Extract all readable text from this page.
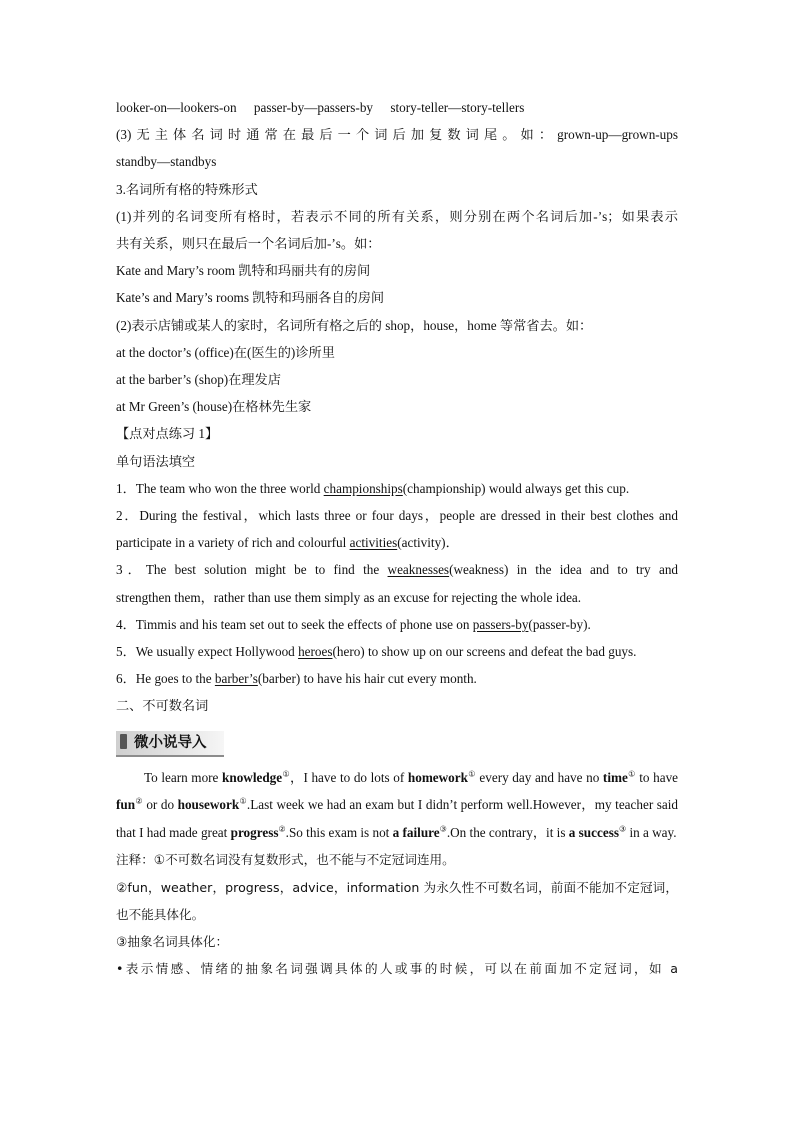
looker-on—lookers-on passer-by—passers-by story-teller—story-tellers
(3)无主体名词时通常在最后一个词后加复数词尾。如：grown-up—grown-ups
standby—standbys
3.名词所有格的特殊形式
(1)并列的名词变所有格时，若表示不同的所有关系，则分别在两个名词后加-’s；如果表示
共有关系，则只在最后一个名词后加-’s。如：
Kate and Mary’s room 凯特和玛丽共有的房间
Kate’s and Mary’s rooms 凯特和玛丽各自的房间
(2)表示店铺或某人的家时，名词所有格之后的 shop，house，home 等常省去。如：
at the doctor’s (office)在(医生的)诊所里
at the barber’s (shop)在理发店
at Mr Green’s (house)在格林先生家
【点对点练习 1】
单句语法填空
1．The team who won the three world championships(championship) would always get this cup.
2．During the festival，which lasts three or four days，people are dressed in their best clothes and
participate in a variety of rich and colourful activities(activity)．
3．The best solution might be to find the weaknesses(weakness) in the idea and to try and
strengthen them，rather than use them simply as an excuse for rejecting the whole idea.
4．Timmis and his team set out to seek the effects of phone use on passers-by(passer-by).
5．We usually expect Hollywood heroes(hero) to show up on our screens and defeat the bad guys.
6．He goes to the barber’s(barber) to have his hair cut every month.
二、不可数名词
微小说导入
To learn more knowledge①，I have to do lots of homework① every day and have no time① to have fun② or do housework①.Last week we had an exam but I didn’t perform well.However，my teacher said that I had made great progress②.So this exam is not a failure③.On the contrary，it is a success③ in a way.
注释：①不可数名词没有复数形式，也不能与不定冠词连用。
②fun，weather，progress，advice，information 为永久性不可数名词，前面不能加不定冠词，
也不能具体化。
③抽象名词具体化：
•表示情感、情绪的抽象名词强调具体的人或事的时候，可以在前面加不定冠词，如 a
